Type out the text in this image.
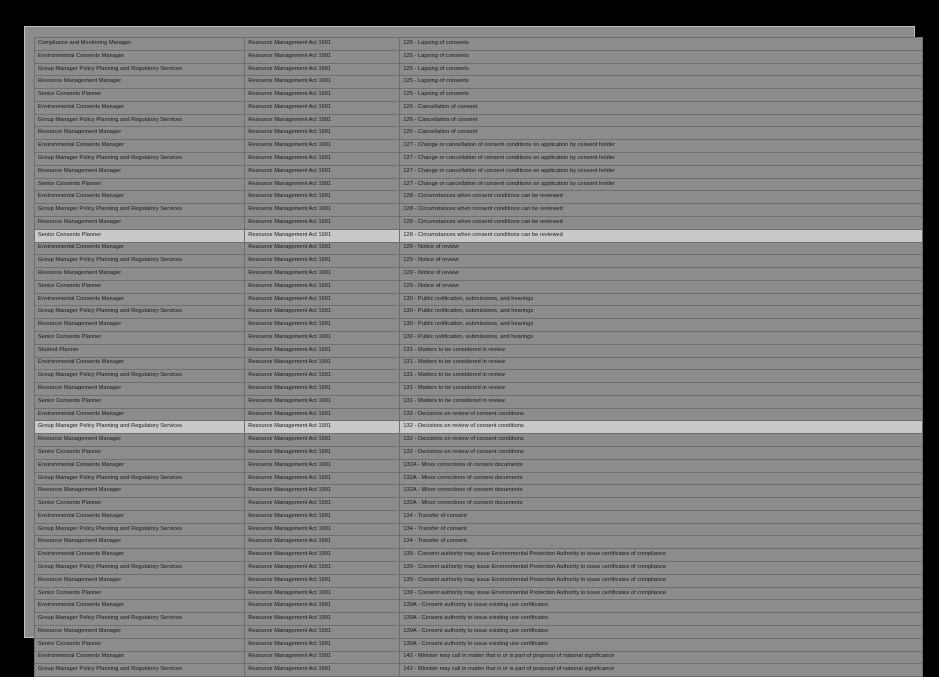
Compliance and Monitoring Manager	Resource Management Act 1991	125 - Lapsing of consents
Environmental Consents Manager	Resource Management Act 1991	125 - Lapsing of consents
Group Manager Policy Planning and Regulatory Services	Resource Management Act 1991	125 - Lapsing of consents
Resource Management Manager	Resource Management Act 1991	125 - Lapsing of consents
Senior Consents Planner	Resource Management Act 1991	125 - Lapsing of consents
Environmental Consents Manager	Resource Management Act 1991	126 - Cancellation of consent
Group Manager Policy Planning and Regulatory Services	Resource Management Act 1991	126 - Cancellation of consent
Resource Management Manager	Resource Management Act 1991	126 - Cancellation of consent
Environmental Consents Manager	Resource Management Act 1991	127 - Change or cancellation of consent conditions on application by consent holder
Group Manager Policy Planning and Regulatory Services	Resource Management Act 1991	127 - Change or cancellation of consent conditions on application by consent holder
Resource Management Manager	Resource Management Act 1991	127 - Change or cancellation of consent conditions on application by consent holder
Senior Consents Planner	Resource Management Act 1991	127 - Change or cancellation of consent conditions on application by consent holder
Environmental Consents Manager	Resource Management Act 1991	128 - Circumstances when consent conditions can be reviewed
Group Manager Policy Planning and Regulatory Services	Resource Management Act 1991	128 - Circumstances when consent conditions can be reviewed
Resource Management Manager	Resource Management Act 1991	128 - Circumstances when consent conditions can be reviewed
Senior Consents Planner	Resource Management Act 1991	128 - Circumstances when consent conditions can be reviewed
Environmental Consents Manager	Resource Management Act 1991	129 - Notice of review
Group Manager Policy Planning and Regulatory Services	Resource Management Act 1991	129 - Notice of review
Resource Management Manager	Resource Management Act 1991	129 - Notice of review
Senior Consents Planner	Resource Management Act 1991	129 - Notice of review
Environmental Consents Manager	Resource Management Act 1991	130 - Public notification, submissions, and hearings
Group Manager Policy Planning and Regulatory Services	Resource Management Act 1991	130 - Public notification, submissions, and hearings
Resource Management Manager	Resource Management Act 1991	130 - Public notification, submissions, and hearings
Senior Consents Planner	Resource Management Act 1991	130 - Public notification, submissions, and hearings
Student Planner	Resource Management Act 1991	131 - Matters to be considered in review
Environmental Consents Manager	Resource Management Act 1991	131 - Matters to be considered in review
Group Manager Policy Planning and Regulatory Services	Resource Management Act 1991	131 - Matters to be considered in review
Resource Management Manager	Resource Management Act 1991	131 - Matters to be considered in review
Senior Consents Planner	Resource Management Act 1991	131 - Matters to be considered in review
Environmental Consents Manager	Resource Management Act 1991	132 - Decisions on review of consent conditions
Group Manager Policy Planning and Regulatory Services	Resource Management Act 1991	132 - Decisions on review of consent conditions
Resource Management Manager	Resource Management Act 1991	132 - Decisions on review of consent conditions
Senior Consents Planner	Resource Management Act 1991	132 - Decisions on review of consent conditions
Environmental Consents Manager	Resource Management Act 1991	132A - Minor corrections of consent documents
Group Manager Policy Planning and Regulatory Services	Resource Management Act 1991	132A - Minor corrections of consent documents
Resource Management Manager	Resource Management Act 1991	132A - Minor corrections of consent documents
Senior Consents Planner	Resource Management Act 1991	132A - Minor corrections of consent documents
Environmental Consents Manager	Resource Management Act 1991	134 - Transfer of consent
Group Manager Policy Planning and Regulatory Services	Resource Management Act 1991	134 - Transfer of consent
Resource Management Manager	Resource Management Act 1991	134 - Transfer of consent
Environmental Consents Manager	Resource Management Act 1991	139 - Consent authority may issue Environmental Protection Authority to issue certificates of compliance
Group Manager Policy Planning and Regulatory Services	Resource Management Act 1991	139 - Consent authority may issue Environmental Protection Authority to issue certificates of compliance
Resource Management Manager	Resource Management Act 1991	139 - Consent authority may issue Environmental Protection Authority to issue certificates of compliance
Senior Consents Planner	Resource Management Act 1991	139 - Consent authority may issue Environmental Protection Authority to issue certificates of compliance
Environmental Consents Manager	Resource Management Act 1991	139A - Consent authority to issue existing use certificates
Group Manager Policy Planning and Regulatory Services	Resource Management Act 1991	139A - Consent authority to issue existing use certificates
Resource Management Manager	Resource Management Act 1991	139A - Consent authority to issue existing use certificates
Senior Consents Planner	Resource Management Act 1991	139A - Consent authority to issue existing use certificates
Environmental Consents Manager	Resource Management Act 1991	142 - Minister may call in matter that is or is part of proposal of national significance
Group Manager Policy Planning and Regulatory Services	Resource Management Act 1991	142 - Minister may call in matter that is or is part of proposal of national significance
